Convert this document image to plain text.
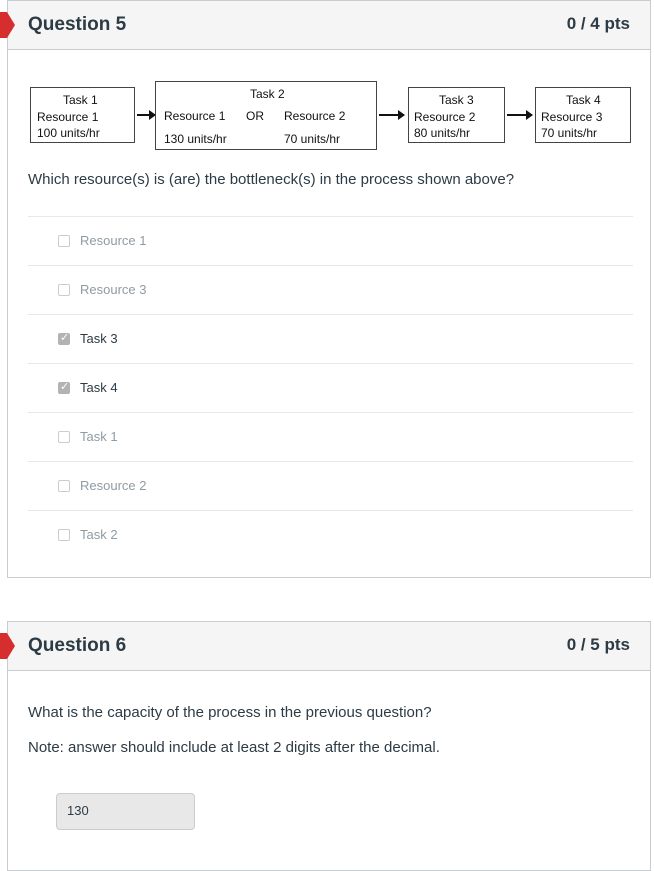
Question 5	0 / 4 pts
Task 1
Resource 1
100 units/hr
Task 2
Resource 1 OR Resource 2
130 units/hr	70 units/hr
Task 3
Resource 2
80 units/hr
Task 4
Resource 3
70 units/hr
Which resource(s) is (are) the bottleneck(s) in the process shown above?
Resource 1
Resource 3
✓
Task 3
✓
Task 4
Task 1
Resource 2
Task 2
Question 6	0 / 5 pts
What is the capacity of the process in the previous question?
Note: answer should include at least 2 digits after the decimal.
130
